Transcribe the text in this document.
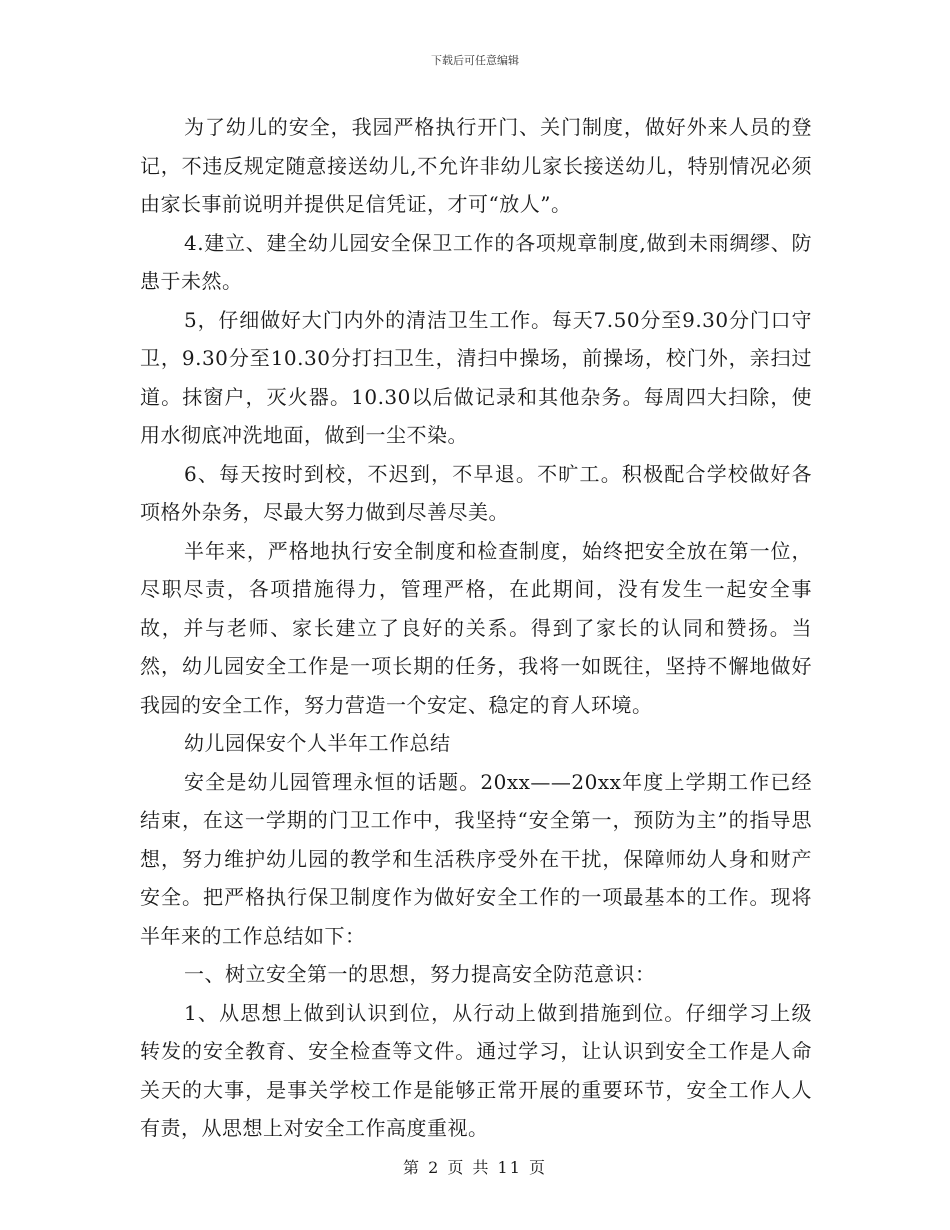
下载后可任意编辑

为了幼儿的安全，我园严格执行开门、关门制度，做好外来人员的登记，不违反规定随意接送幼儿,不允许非幼儿家长接送幼儿，特别情况必须由家长事前说明并提供足信凭证，才可“放人”。

4.建立、建全幼儿园安全保卫工作的各项规章制度,做到未雨绸缪、防患于未然。

5，仔细做好大门内外的清洁卫生工作。每天7.50分至9.30分门口守卫，9.30分至10.30分打扫卫生，清扫中操场，前操场，校门外，亲扫过道。抹窗户，灭火器。10.30以后做记录和其他杂务。每周四大扫除，使用水彻底冲洗地面，做到一尘不染。

6、每天按时到校，不迟到，不早退。不旷工。积极配合学校做好各项格外杂务，尽最大努力做到尽善尽美。

半年来，严格地执行安全制度和检查制度，始终把安全放在第一位，尽职尽责，各项措施得力，管理严格，在此期间，没有发生一起安全事故，并与老师、家长建立了良好的关系。得到了家长的认同和赞扬。当然，幼儿园安全工作是一项长期的任务，我将一如既往，坚持不懈地做好我园的安全工作，努力营造一个安定、稳定的育人环境。

幼儿园保安个人半年工作总结

安全是幼儿园管理永恒的话题。20xx——20xx年度上学期工作已经结束，在这一学期的门卫工作中，我坚持“安全第一，预防为主”的指导思想，努力维护幼儿园的教学和生活秩序受外在干扰，保障师幼人身和财产安全。把严格执行保卫制度作为做好安全工作的一项最基本的工作。现将半年来的工作总结如下：

一、树立安全第一的思想，努力提高安全防范意识：

1、从思想上做到认识到位，从行动上做到措施到位。仔细学习上级转发的安全教育、安全检查等文件。通过学习，让认识到安全工作是人命关天的大事，是事关学校工作是能够正常开展的重要环节，安全工作人人有责，从思想上对安全工作高度重视。

第 2 页 共 11 页
